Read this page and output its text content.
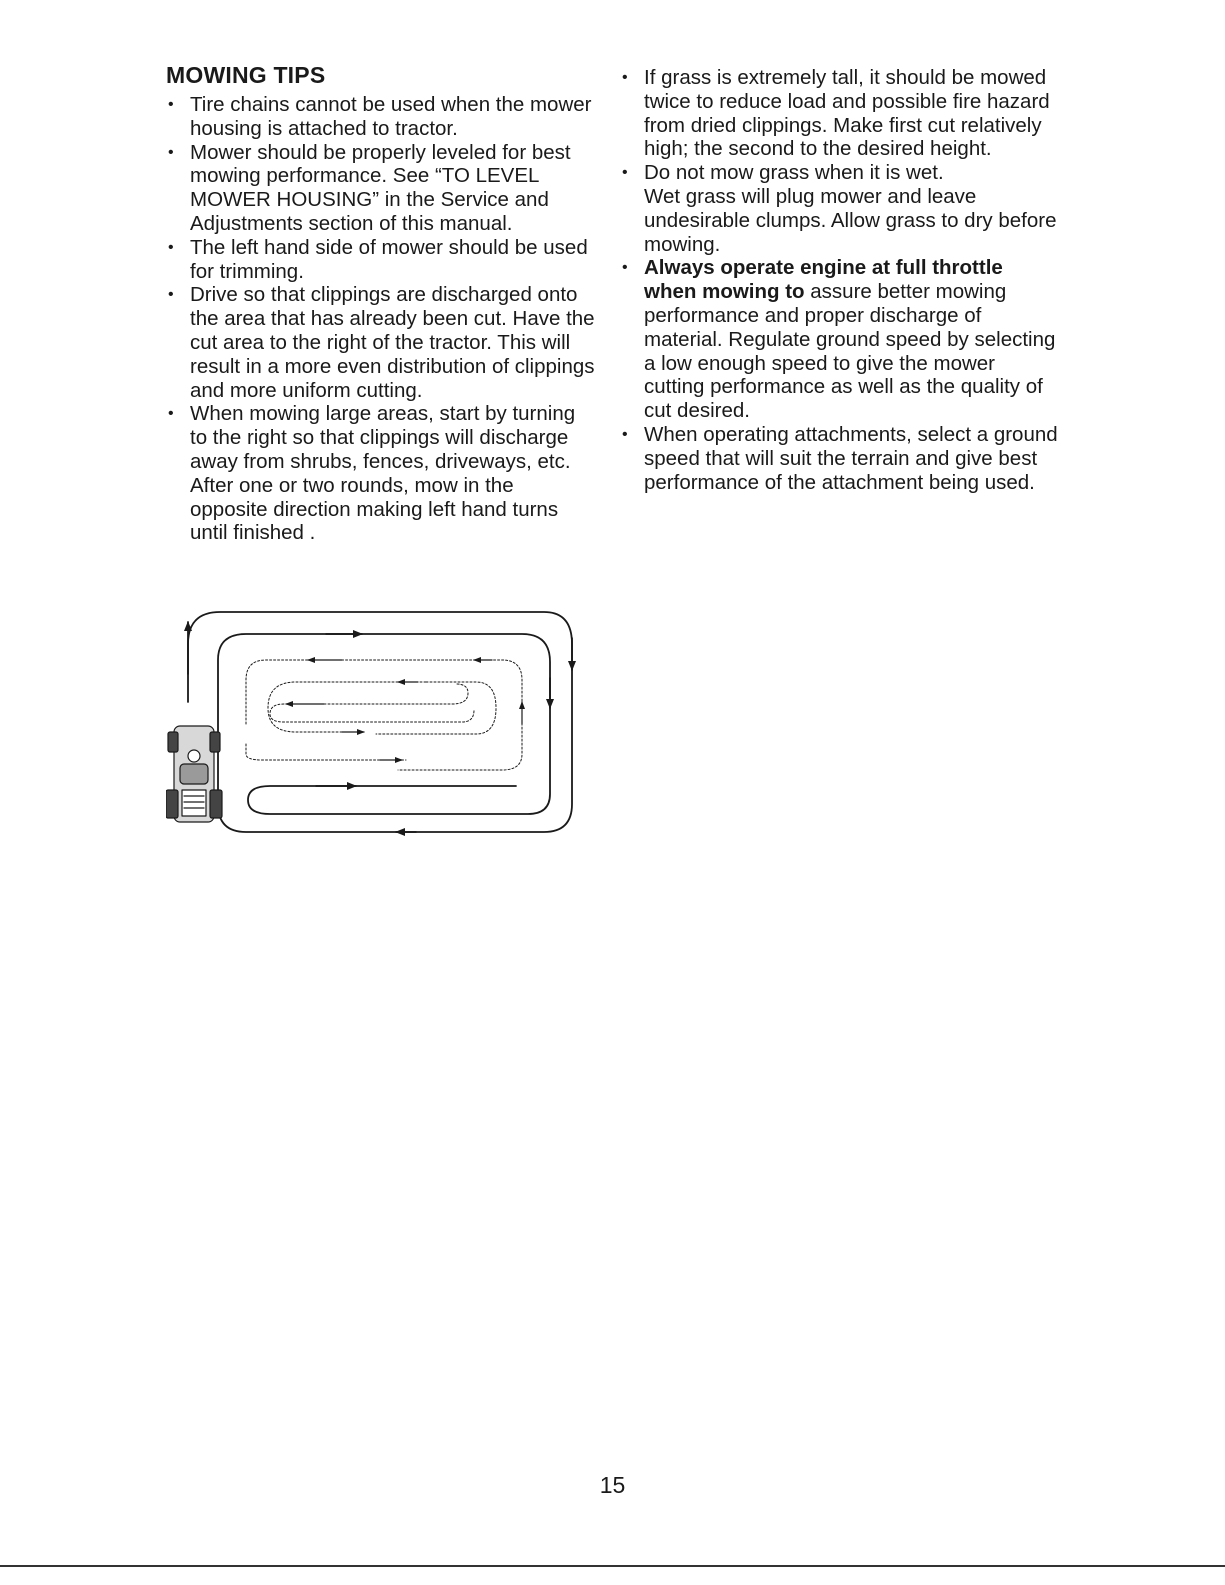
MOWING TIPS
• Tire chains cannot be used when the mower housing is attached to tractor.
• Mower should be properly leveled for best mowing performance. See “TO LEVEL MOWER HOUSING” in the Service and Adjustments section of this manual.
• The left hand side of mower should be used for trimming.
• Drive so that clippings are discharged onto the area that has already been cut. Have the cut area to the right of the tractor. This will result in a more even distribution of clippings and more uniform cutting.
• When mowing large areas, start by turning to the right so that clippings will discharge away from shrubs, fences, driveways, etc. After one or two rounds, mow in the opposite direction making left hand turns until finished .
• If grass is extremely tall, it should be mowed twice to reduce load and possible fire hazard from dried clippings. Make first cut relatively high; the second to the desired height.
• Do not mow grass when it is wet.
Wet grass will plug mower and leave undesirable clumps. Allow grass to dry before mowing.
• Always operate engine at full throttle when mowing to assure better mowing performance and proper discharge of material. Regulate ground speed by selecting a low enough speed to give the mower cutting performance as well as the quality of cut desired.
• When operating attachments, select a ground speed that will suit the terrain and give best performance of the attachment being used.
15
